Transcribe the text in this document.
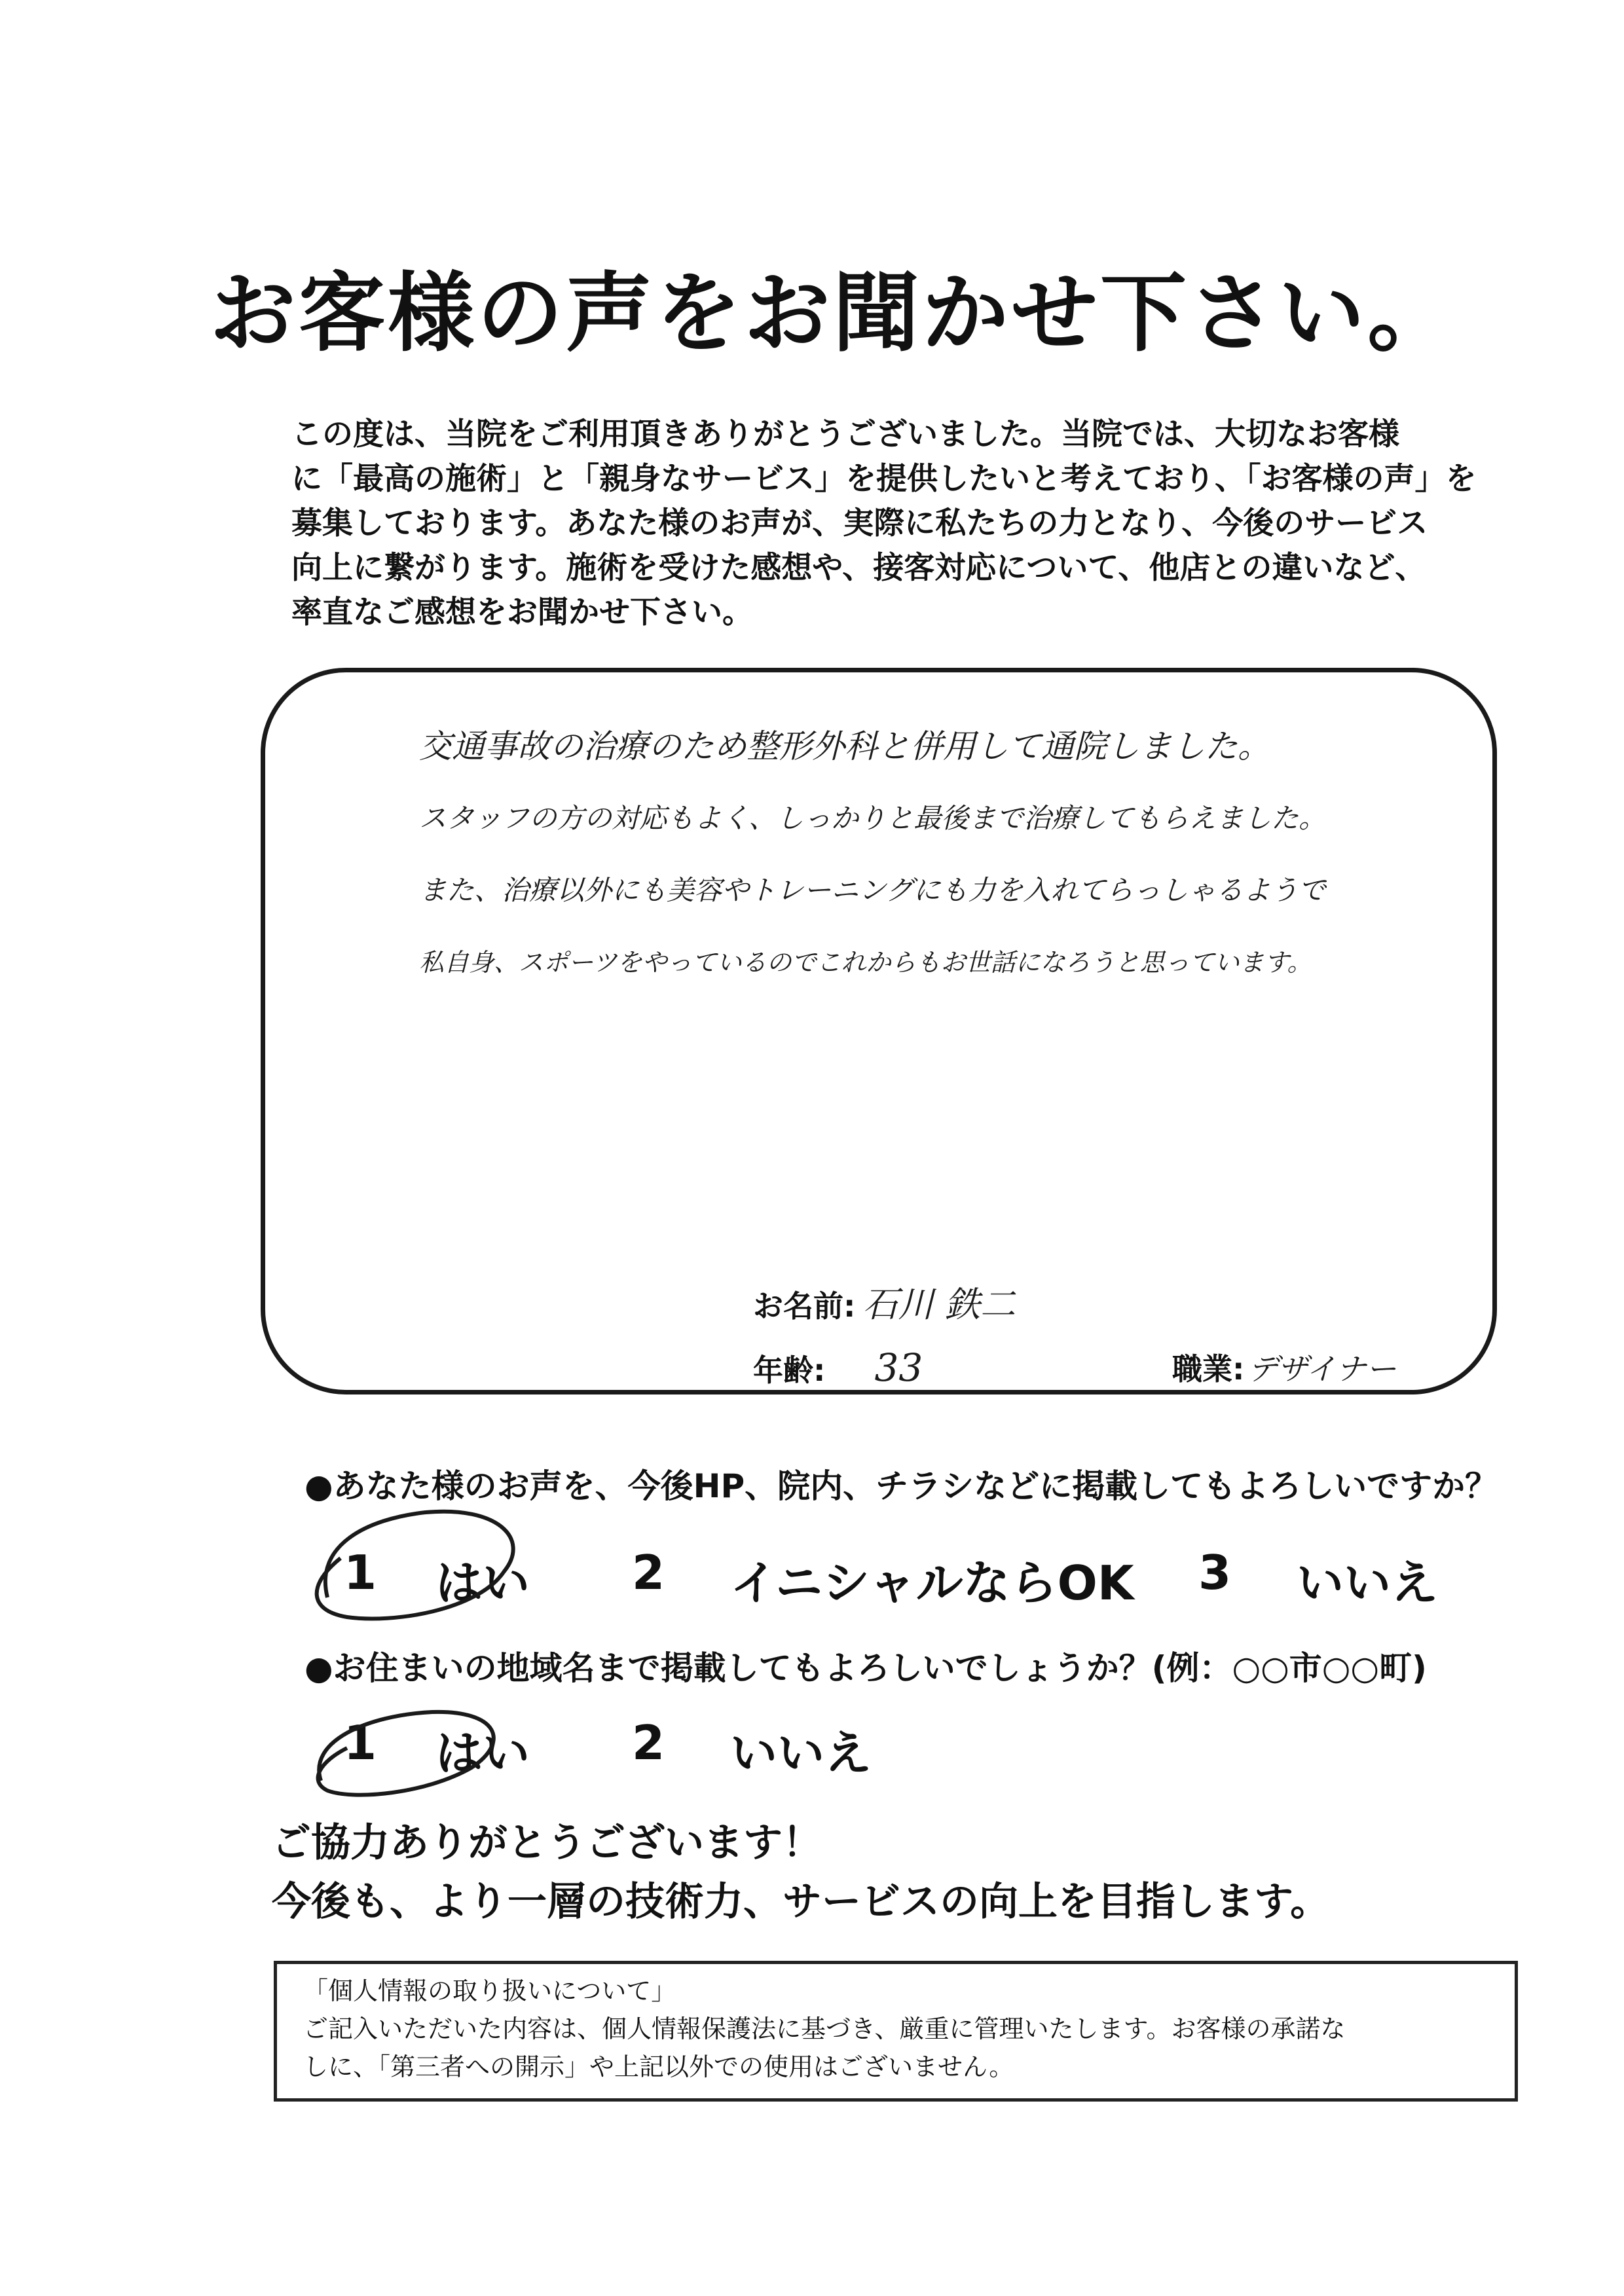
お客様の声をお聞かせ下さい。
この度は、当院をご利用頂きありがとうございました。当院では、大切なお客様
に「最高の施術」と「親身なサービス」を提供したいと考えており、「お客様の声」を
募集しております。あなた様のお声が、実際に私たちの力となり、今後のサービス
向上に繋がります。施術を受けた感想や、接客対応について、他店との違いなど、
率直なご感想をお聞かせ下さい。
交通事故の治療のため整形外科と併用して通院しました。
スタッフの方の対応もよく、しっかりと最後まで治療してもらえました。
また、治療以外にも美容やトレーニングにも力を入れてらっしゃるようで
私自身、スポーツをやっているのでこれからもお世話になろうと思っています。
お名前: 石川 鉄二
年齢: 33	職業: デザイナー
●あなた様のお声を、今後HP、院内、チラシなどに掲載してもよろしいですか？
1 はい 2 イニシャルならOK 3 いいえ
●お住まいの地域名まで掲載してもよろしいでしょうか？(例：○○市○○町)
1 はい 2 いいえ
ご協力ありがとうございます！
今後も、より一層の技術力、サービスの向上を目指します。
「個人情報の取り扱いについて」
ご記入いただいた内容は、個人情報保護法に基づき、厳重に管理いたします。お客様の承諾な
しに、「第三者への開示」や上記以外での使用はございません。
